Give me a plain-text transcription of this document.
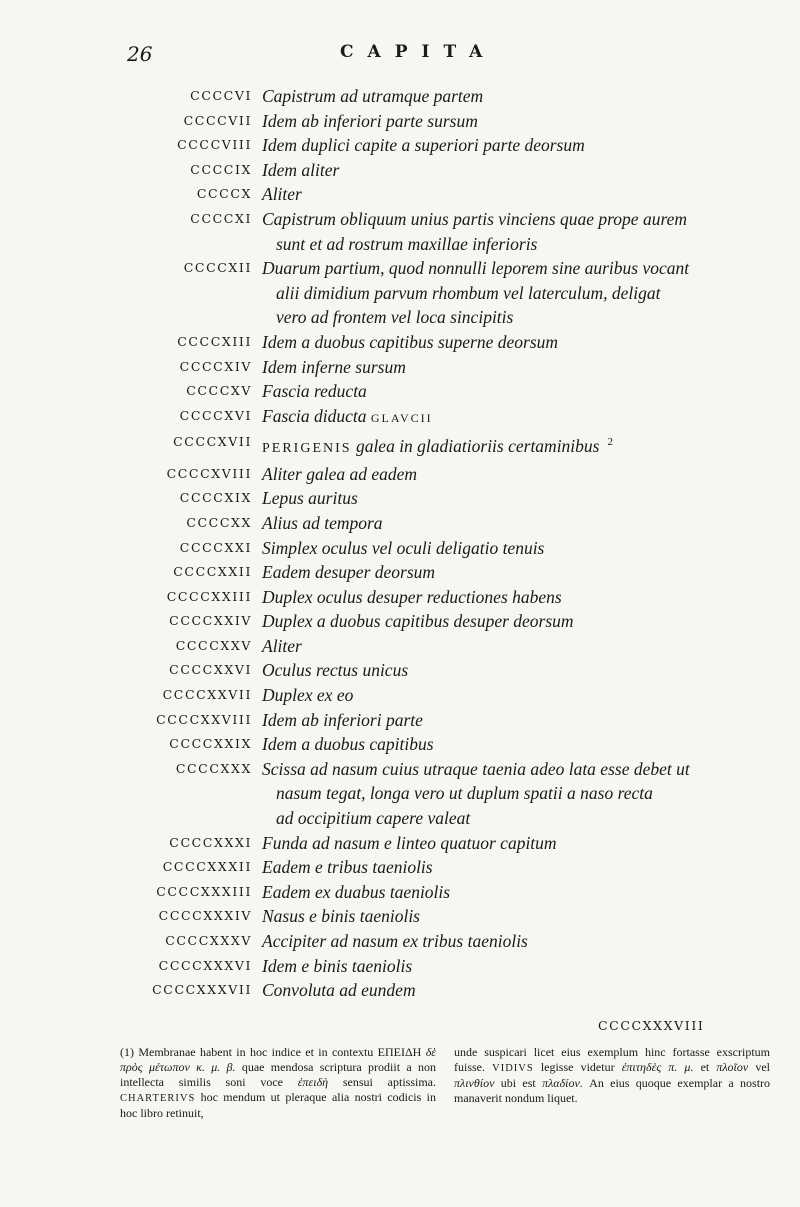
26	CAPITA
CCCCVI Capistrum ad utramque partem
CCCCVII Idem ab inferiori parte sursum
CCCCVIII Idem duplici capite a superiori parte deorsum
CCCCIX Idem aliter
CCCCX Aliter
CCCCXI Capistrum obliquum unius partis vinciens quae prope aurem
sunt et ad rostrum maxillae inferioris
CCCCXII Duarum partium, quod nonnulli leporem sine auribus vocant
alii dimidium parvum rhombum vel laterculum, deligat
vero ad frontem vel loca sincipitis
CCCCXIII Idem a duobus capitibus superne deorsum
CCCCXIV Idem inferne sursum
CCCCXV Fascia reducta
CCCCXVI Fascia diducta GLAVCII
CCCCXVII PERIGENIS galea in gladiatioriis certaminibus $^2$
CCCCXVIII Aliter galea ad eadem
CCCCXIX Lepus auritus
CCCCXX Alius ad tempora
CCCCXXI Simplex oculus vel oculi deligatio tenuis
CCCCXXII Eadem desuper deorsum
CCCCXXIII Duplex oculus desuper reductiones habens
CCCCXXIV Duplex a duobus capitibus desuper deorsum
CCCCXXV Aliter
CCCCXXVI Oculus rectus unicus
CCCCXXVII Duplex ex eo
CCCCXXVIII Idem ab inferiori parte
CCCCXXIX Idem a duobus capitibus
CCCCXXX Scissa ad nasum cuius utraque taenia adeo lata esse debet ut
nasum tegat, longa vero ut duplum spatii a naso recta
ad occipitium capere valeat
CCCCXXXI Funda ad nasum e linteo quatuor capitum
CCCCXXXII Eadem e tribus taeniolis
CCCCXXXIII Eadem ex duabus taeniolis
CCCCXXXIV Nasus e binis taeniolis
CCCCXXXV Accipiter ad nasum ex tribus taeniolis
CCCCXXXVI Idem e binis taeniolis
CCCCXXXVII Convoluta ad eundem
CCCCXXXVIII
(1) Membranae habent in hoc indice et in contextu ΕΠΕΙΔΗ δὲ πρὸς μέτωπον κ. μ. β. quae mendosa scriptura prodiit a non intellecta similis soni voce ἐπειδὴ sensui aptissima. CHARTERIVS hoc mendum ut pleraque alia nostri codicis in hoc libro retinuit,
unde suspicari licet eius exemplum hinc fortasse exscriptum fuisse. VIDIVS legisse videtur ἐπιτηδὲς π. μ. et πλοῖον vel πλινθίον ubi est πλαδίον. An eius quoque exemplar a nostro manaverit nondum liquet.
